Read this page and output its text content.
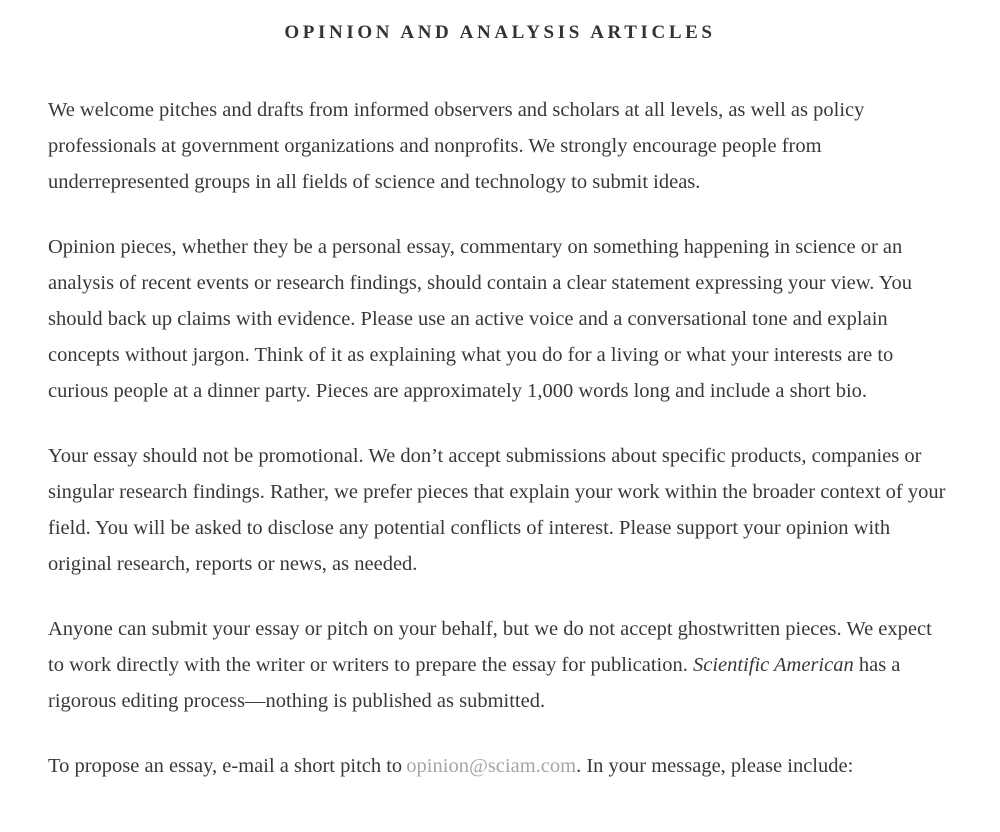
OPINION AND ANALYSIS ARTICLES

We welcome pitches and drafts from informed observers and scholars at all levels, as well as policy professionals at government organizations and nonprofits. We strongly encourage people from underrepresented groups in all fields of science and technology to submit ideas.

Opinion pieces, whether they be a personal essay, commentary on something happening in science or an analysis of recent events or research findings, should contain a clear statement expressing your view. You should back up claims with evidence. Please use an active voice and a conversational tone and explain concepts without jargon. Think of it as explaining what you do for a living or what your interests are to curious people at a dinner party. Pieces are approximately 1,000 words long and include a short bio.

Your essay should not be promotional. We don’t accept submissions about specific products, companies or singular research findings. Rather, we prefer pieces that explain your work within the broader context of your field. You will be asked to disclose any potential conflicts of interest. Please support your opinion with original research, reports or news, as needed.

Anyone can submit your essay or pitch on your behalf, but we do not accept ghostwritten pieces. We expect to work directly with the writer or writers to prepare the essay for publication. Scientific American has a rigorous editing process—nothing is published as submitted.

To propose an essay, e-mail a short pitch to opinion@sciam.com. In your message, please include:
